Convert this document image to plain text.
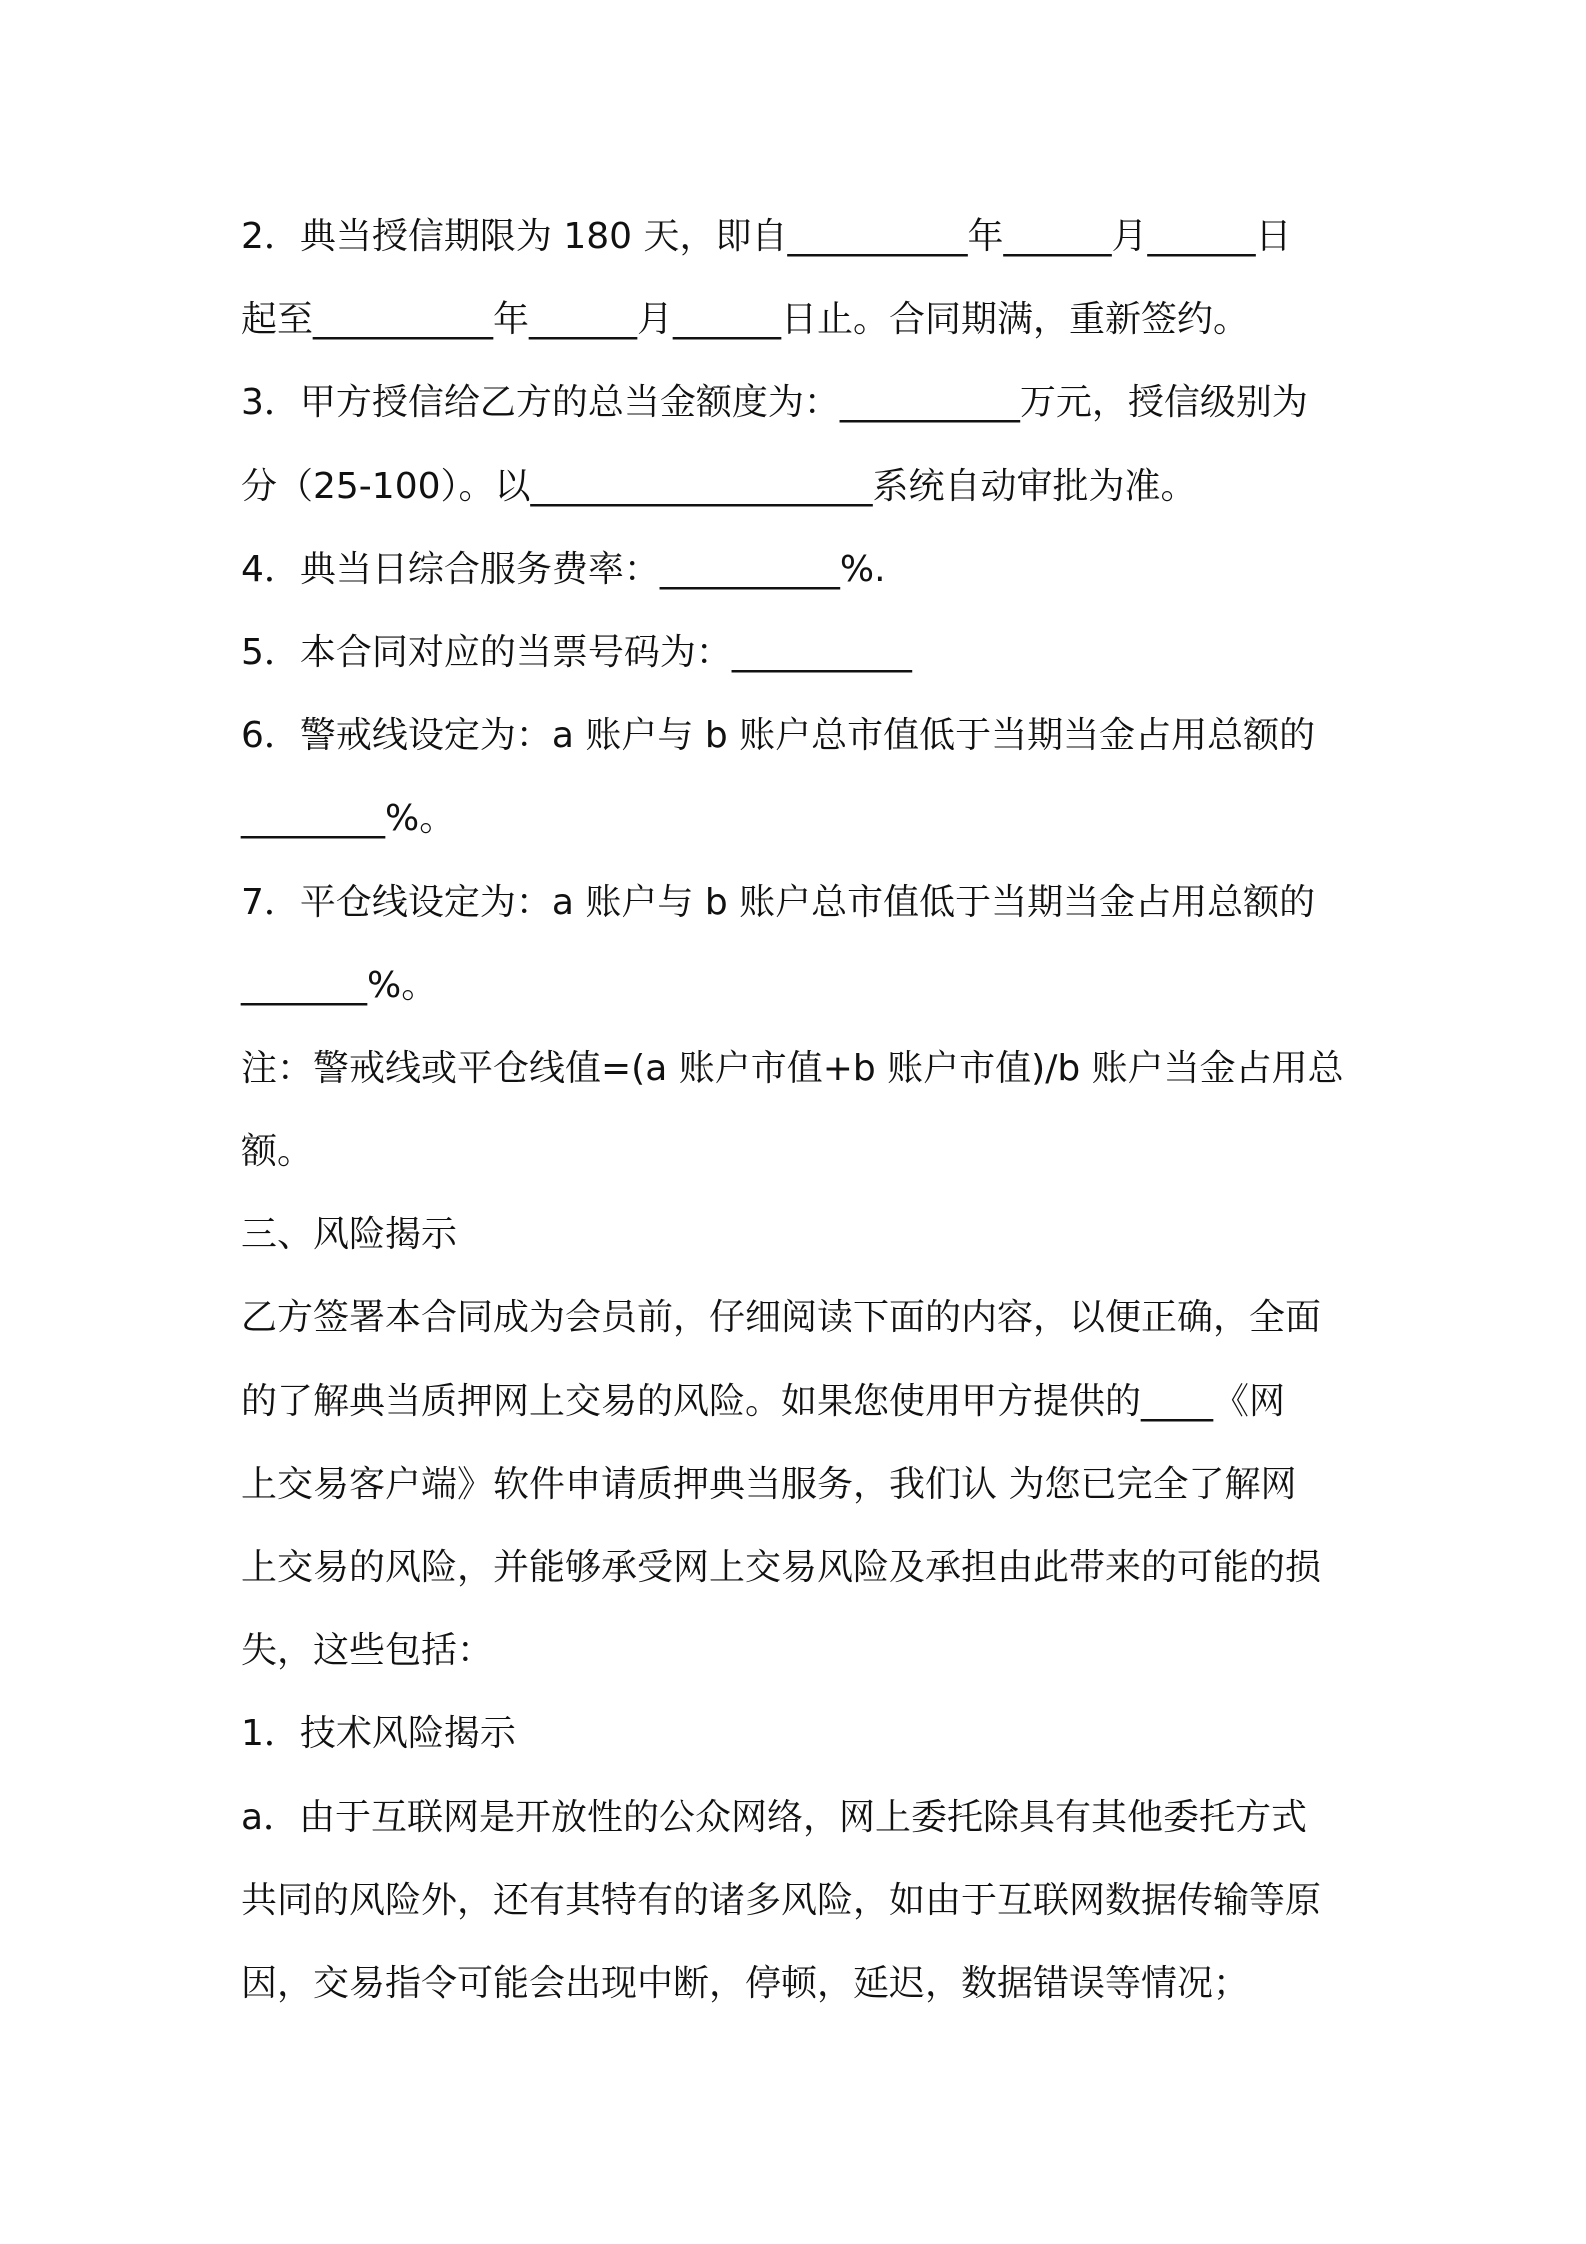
2．典当授信期限为 180 天，即自__________年______月______日
起至__________年______月______日止。合同期满，重新签约。
3．甲方授信给乙方的总当金额度为：__________万元，授信级别为
分（25-100）。以___________________系统自动审批为准。
4．典当日综合服务费率：__________%.
5．本合同对应的当票号码为：__________
6．警戒线设定为：a 账户与 b 账户总市值低于当期当金占用总额的
________%。
7．平仓线设定为：a 账户与 b 账户总市值低于当期当金占用总额的
_______%。
注：警戒线或平仓线值=(a 账户市值+b 账户市值)/b 账户当金占用总
额。
三、风险揭示
乙方签署本合同成为会员前，仔细阅读下面的内容，以便正确，全面
的了解典当质押网上交易的风险。如果您使用甲方提供的____《网
上交易客户端》软件申请质押典当服务，我们认 为您已完全了解网
上交易的风险，并能够承受网上交易风险及承担由此带来的可能的损
失，这些包括：
1．技术风险揭示
a．由于互联网是开放性的公众网络，网上委托除具有其他委托方式
共同的风险外，还有其特有的诸多风险，如由于互联网数据传输等原
因，交易指令可能会出现中断，停顿，延迟，数据错误等情况；
